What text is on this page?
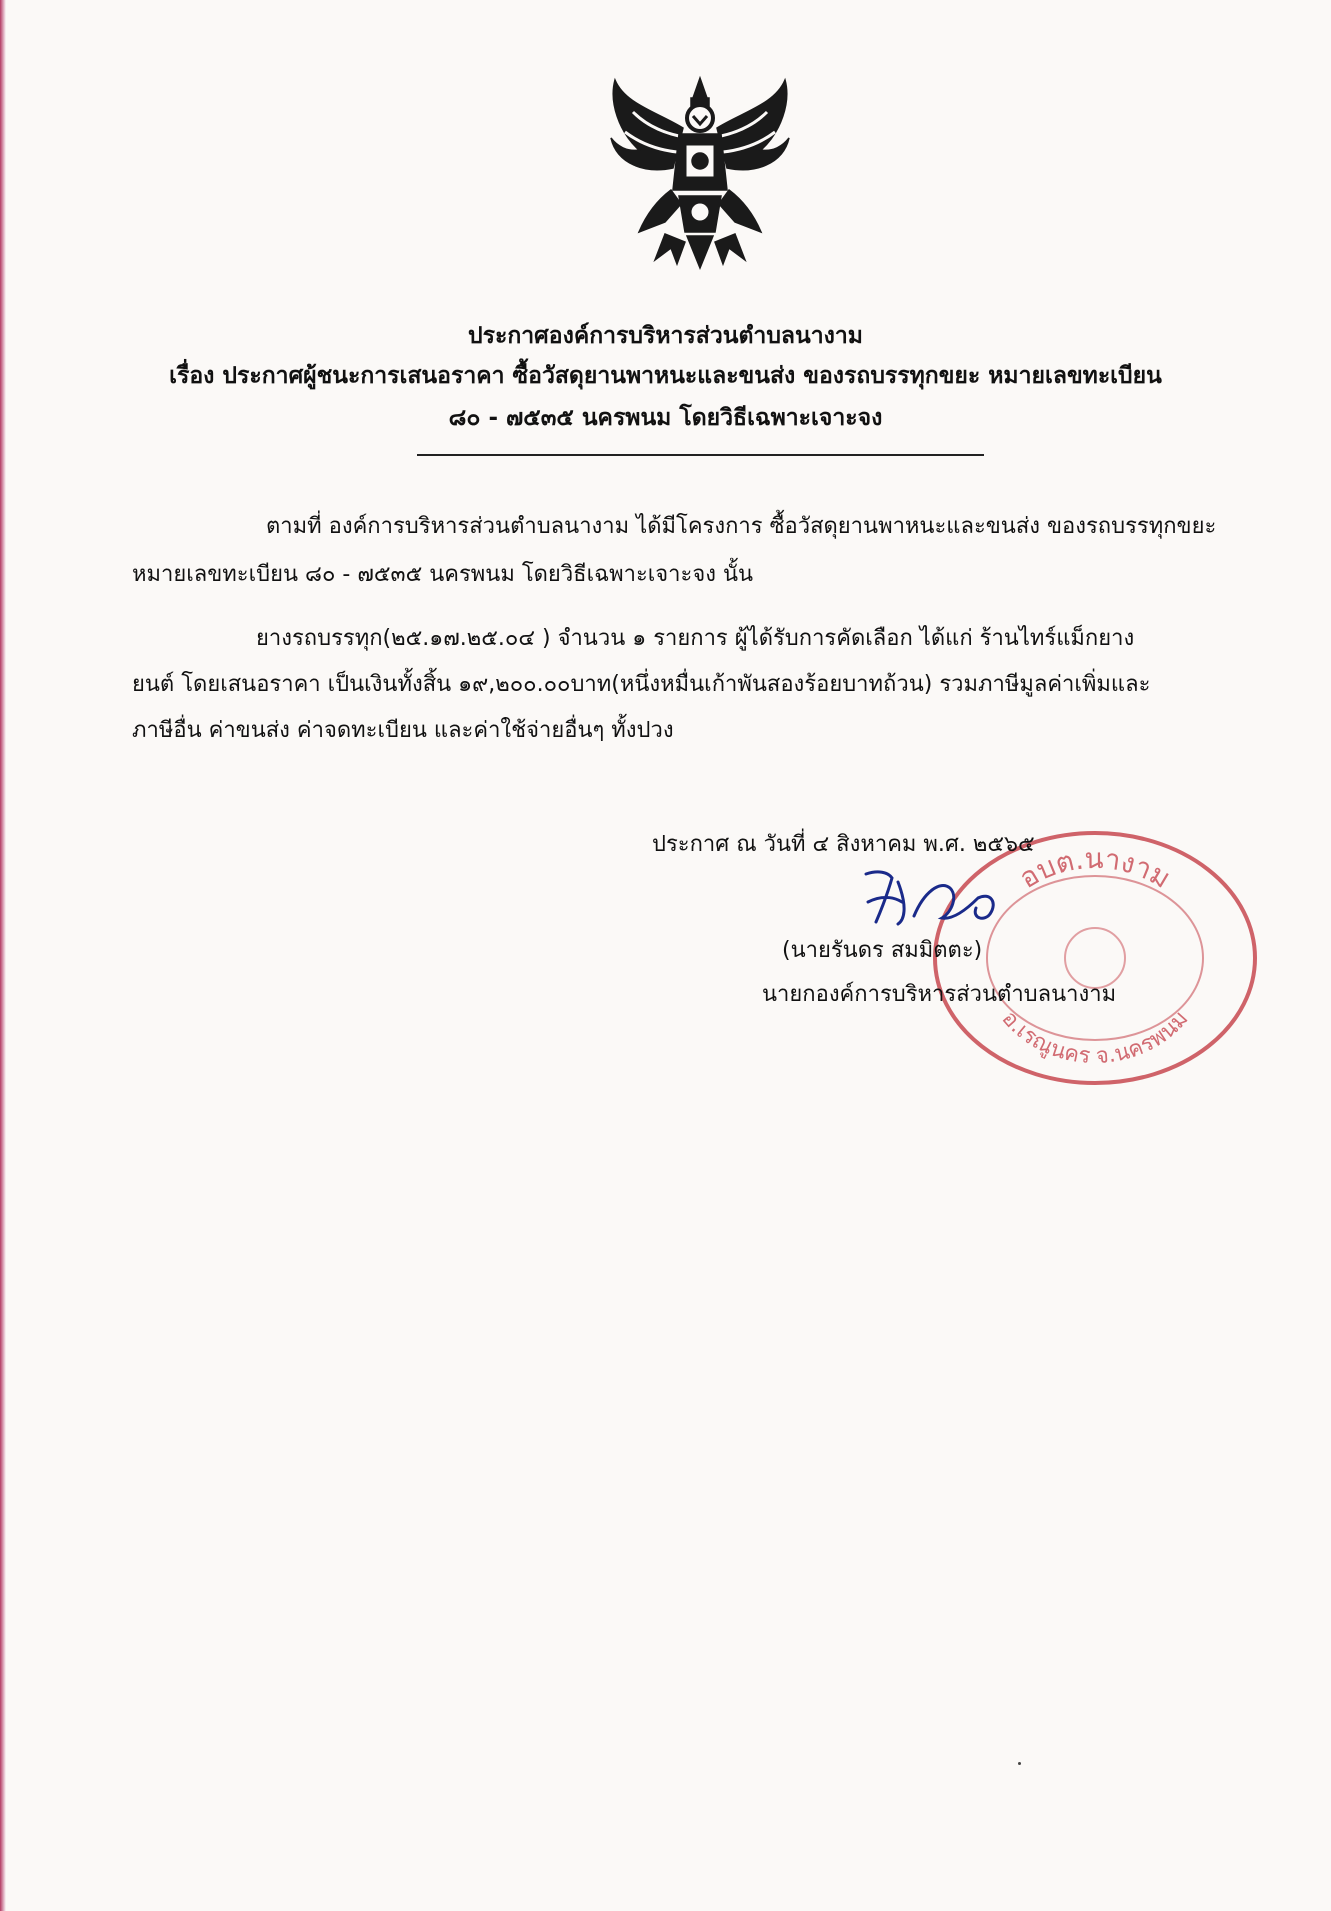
ประกาศองค์การบริหารส่วนตำบลนางาม
เรื่อง ประกาศผู้ชนะการเสนอราคา ซื้อวัสดุยานพาหนะและขนส่ง ของรถบรรทุกขยะ หมายเลขทะเบียน
๘๐ - ๗๕๓๕ นครพนม โดยวิธีเฉพาะเจาะจง
ตามที่ องค์การบริหารส่วนตำบลนางาม ได้มีโครงการ ซื้อวัสดุยานพาหนะและขนส่ง ของรถบรรทุกขยะ
หมายเลขทะเบียน ๘๐ - ๗๕๓๕ นครพนม โดยวิธีเฉพาะเจาะจง นั้น
ยางรถบรรทุก(๒๕.๑๗.๒๕.๐๔ ) จำนวน ๑ รายการ ผู้ได้รับการคัดเลือก ได้แก่ ร้านไทร์แม็กยาง
ยนต์ โดยเสนอราคา เป็นเงินทั้งสิ้น ๑๙,๒๐๐.๐๐บาท(หนึ่งหมื่นเก้าพันสองร้อยบาทถ้วน) รวมภาษีมูลค่าเพิ่มและ
ภาษีอื่น ค่าขนส่ง ค่าจดทะเบียน และค่าใช้จ่ายอื่นๆ ทั้งปวง
อบต.นางาม
อ.เรณูนคร จ.นครพนม
ประกาศ ณ วันที่ ๔ สิงหาคม พ.ศ. ๒๕๖๕
(นายรันดร สมมิตตะ)
นายกองค์การบริหารส่วนตำบลนางาม
